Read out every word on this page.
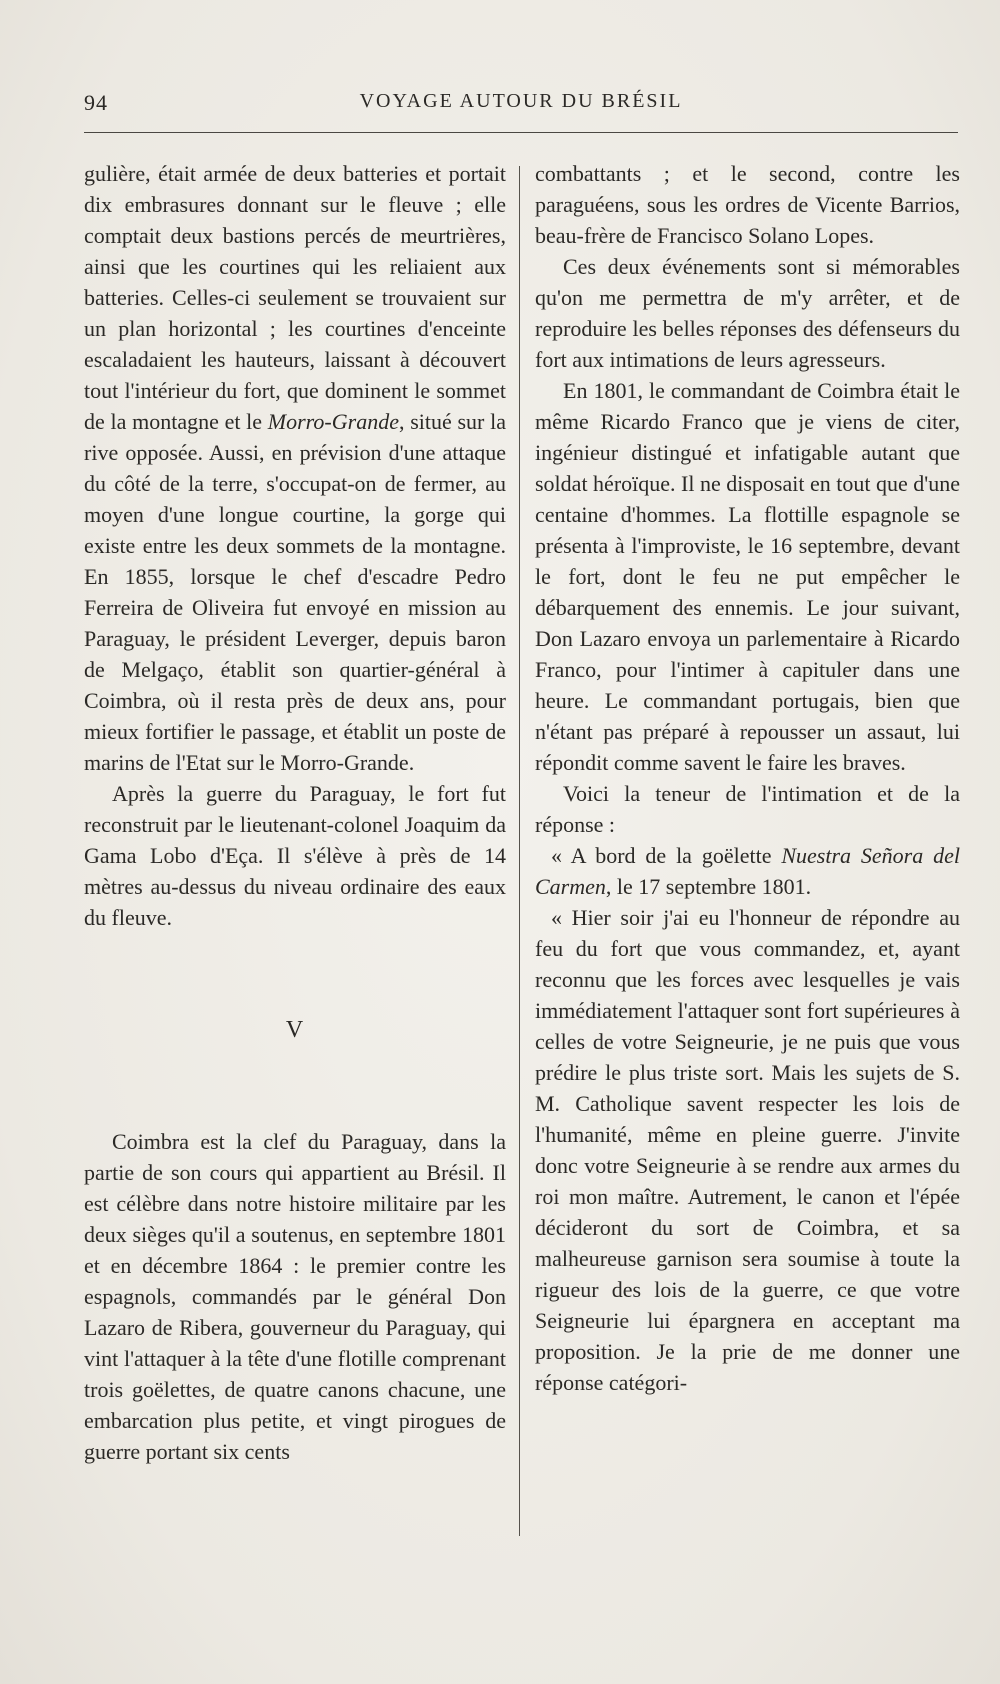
94	VOYAGE AUTOUR DU BRÉSIL

gulière, était armée de deux batteries et portait dix embrasures donnant sur le fleuve ; elle comptait deux bastions percés de meurtrières, ainsi que les courtines qui les reliaient aux batteries. Celles-ci seulement se trouvaient sur un plan horizontal ; les courtines d'enceinte escaladaient les hauteurs, laissant à découvert tout l'intérieur du fort, que dominent le sommet de la montagne et le Morro-Grande, situé sur la rive opposée. Aussi, en prévision d'une attaque du côté de la terre, s'occupat-on de fermer, au moyen d'une longue courtine, la gorge qui existe entre les deux sommets de la montagne. En 1855, lorsque le chef d'escadre Pedro Ferreira de Oliveira fut envoyé en mission au Paraguay, le président Leverger, depuis baron de Melgaço, établit son quartier-général à Coimbra, où il resta près de deux ans, pour mieux fortifier le passage, et établit un poste de marins de l'Etat sur le Morro-Grande.

Après la guerre du Paraguay, le fort fut reconstruit par le lieutenant-colonel Joaquim da Gama Lobo d'Eça. Il s'élève à près de 14 mètres au-dessus du niveau ordinaire des eaux du fleuve.

V

Coimbra est la clef du Paraguay, dans la partie de son cours qui appartient au Brésil. Il est célèbre dans notre histoire militaire par les deux sièges qu'il a soutenus, en septembre 1801 et en décembre 1864 : le premier contre les espagnols, commandés par le général Don Lazaro de Ribera, gouverneur du Paraguay, qui vint l'attaquer à la tête d'une flotille comprenant trois goëlettes, de quatre canons chacune, une embarcation plus petite, et vingt pirogues de guerre portant six cents

combattants ; et le second, contre les paraguéens, sous les ordres de Vicente Barrios, beau-frère de Francisco Solano Lopes.

Ces deux événements sont si mémorables qu'on me permettra de m'y arrêter, et de reproduire les belles réponses des défenseurs du fort aux intimations de leurs agresseurs.

En 1801, le commandant de Coimbra était le même Ricardo Franco que je viens de citer, ingénieur distingué et infatigable autant que soldat héroïque. Il ne disposait en tout que d'une centaine d'hommes. La flottille espagnole se présenta à l'improviste, le 16 septembre, devant le fort, dont le feu ne put empêcher le débarquement des ennemis. Le jour suivant, Don Lazaro envoya un parlementaire à Ricardo Franco, pour l'intimer à capituler dans une heure. Le commandant portugais, bien que n'étant pas préparé à repousser un assaut, lui répondit comme savent le faire les braves.

Voici la teneur de l'intimation et de la réponse :

« A bord de la goëlette Nuestra Señora del Carmen, le 17 septembre 1801.

« Hier soir j'ai eu l'honneur de répondre au feu du fort que vous commandez, et, ayant reconnu que les forces avec lesquelles je vais immédiatement l'attaquer sont fort supérieures à celles de votre Seigneurie, je ne puis que vous prédire le plus triste sort. Mais les sujets de S. M. Catholique savent respecter les lois de l'humanité, même en pleine guerre. J'invite donc votre Seigneurie à se rendre aux armes du roi mon maître. Autrement, le canon et l'épée décideront du sort de Coimbra, et sa malheureuse garnison sera soumise à toute la rigueur des lois de la guerre, ce que votre Seigneurie lui épargnera en acceptant ma proposition. Je la prie de me donner une réponse catégori-
